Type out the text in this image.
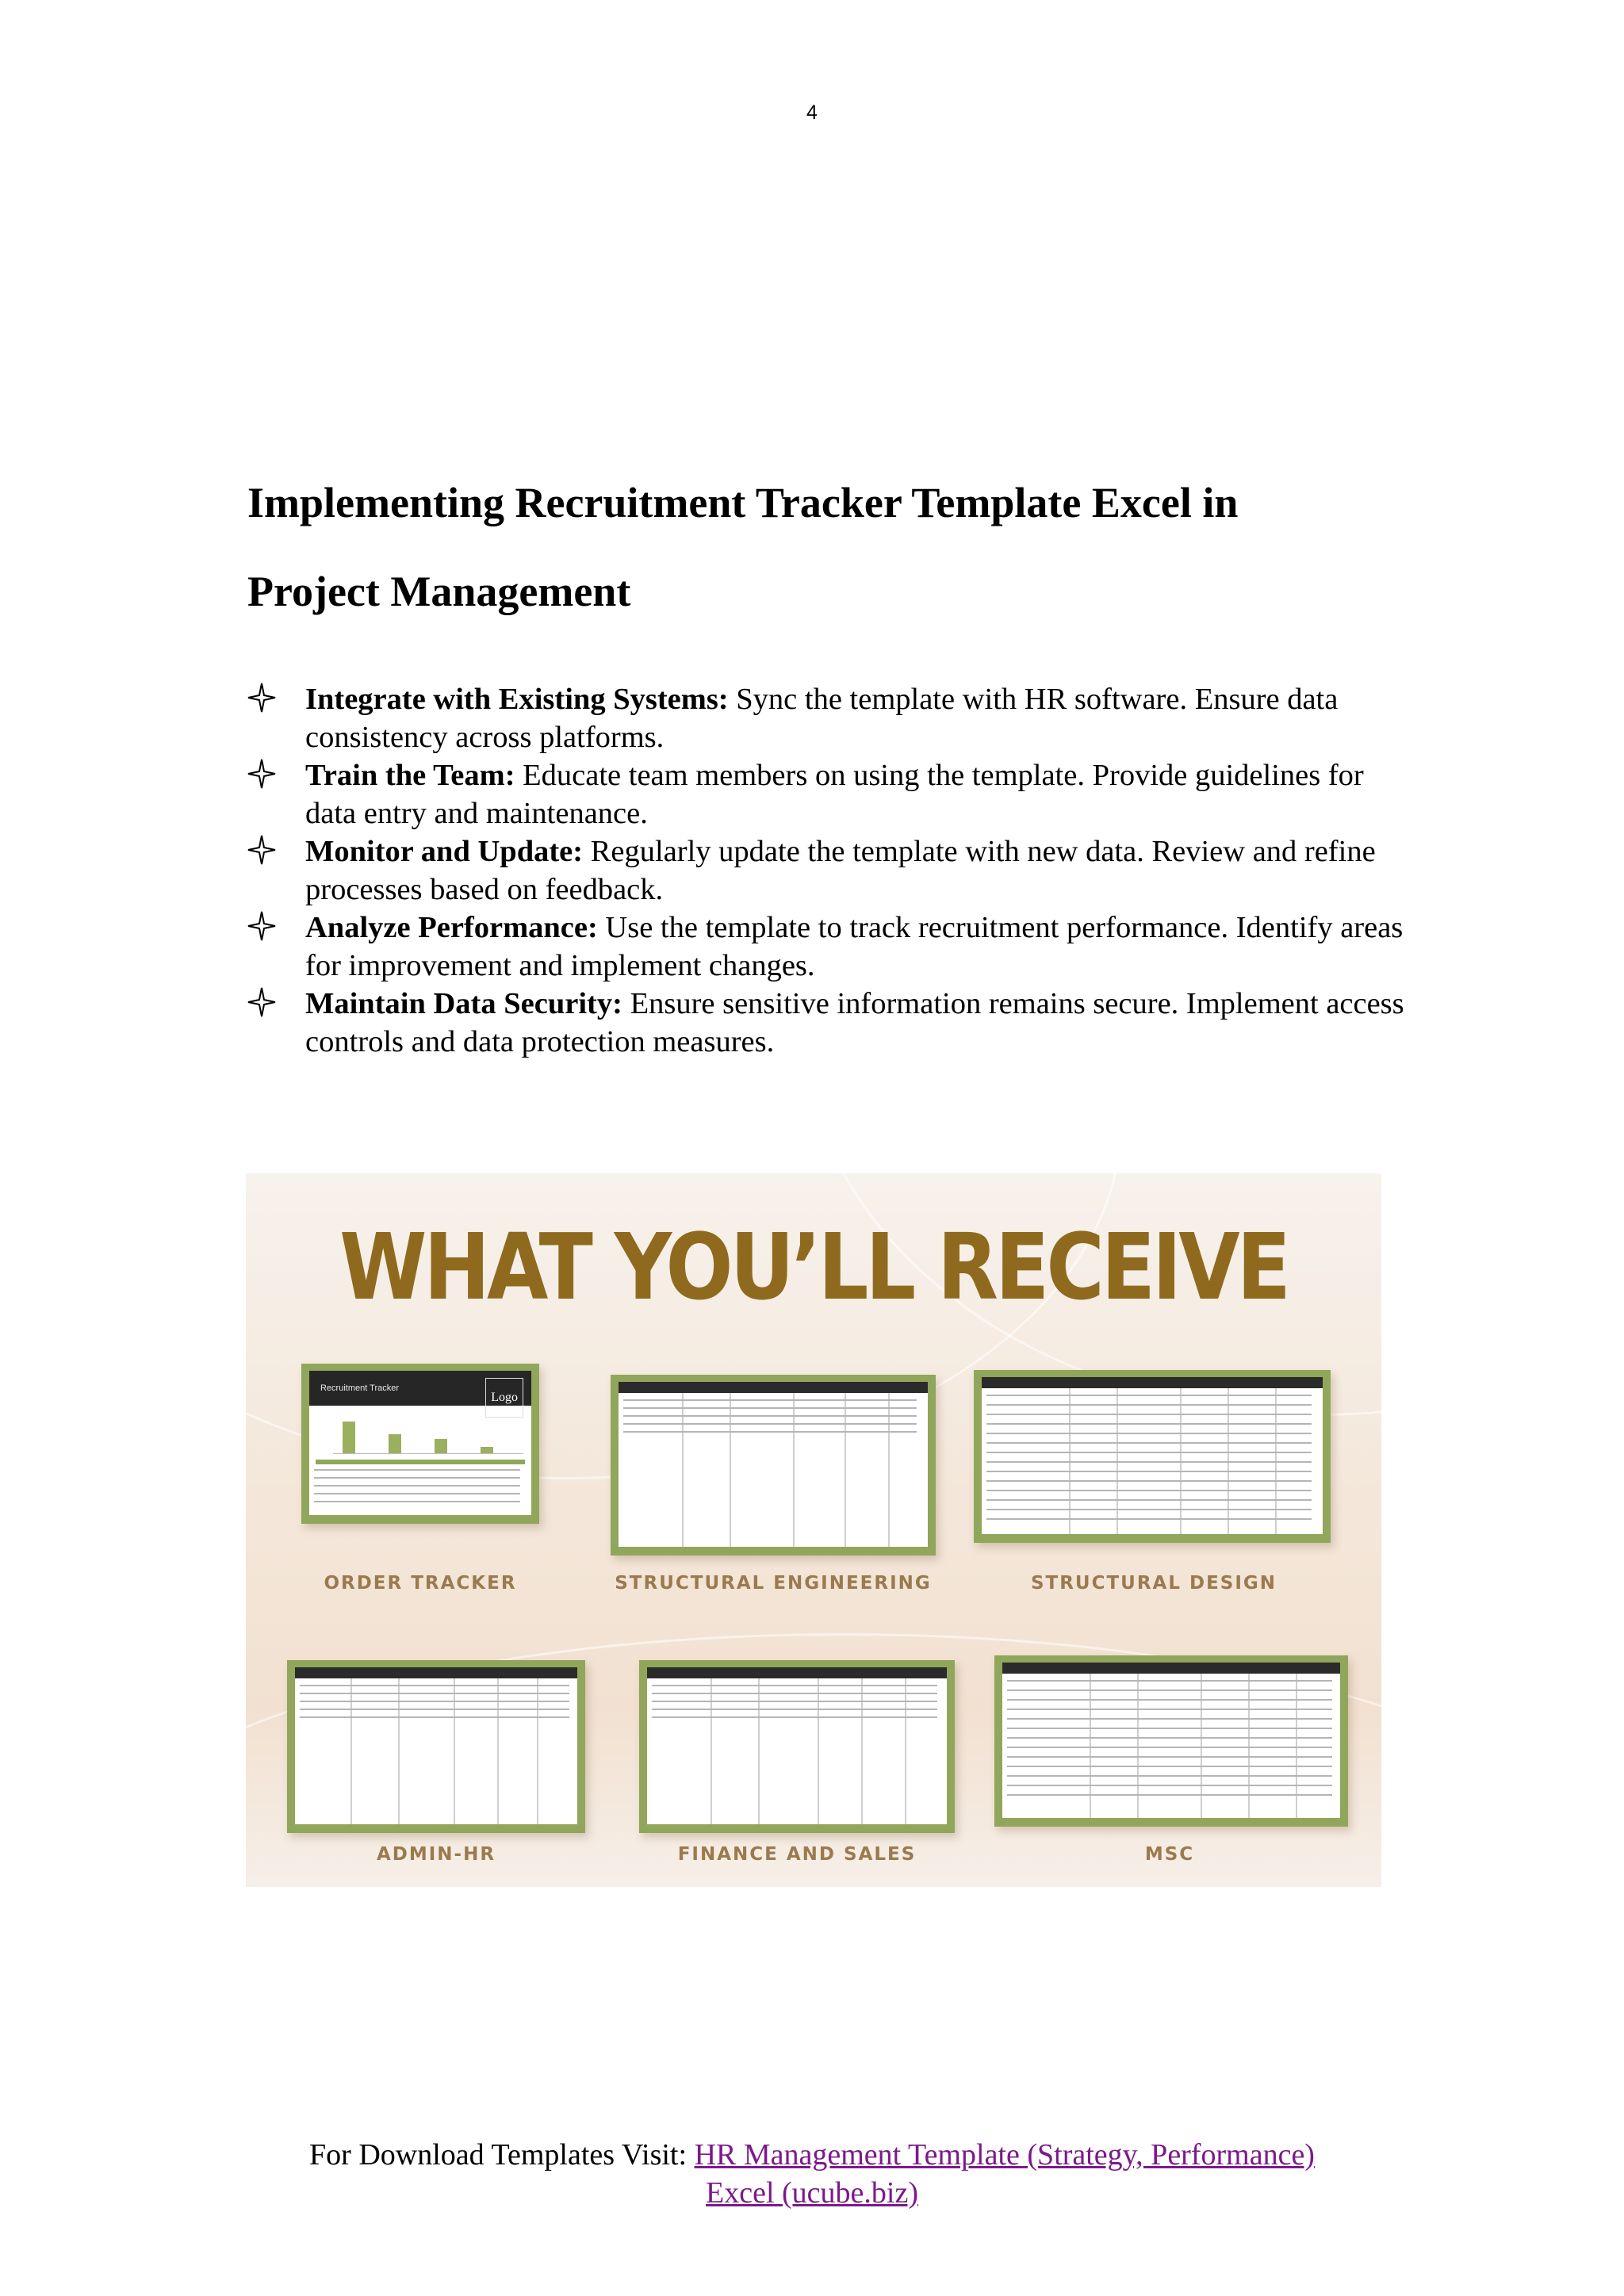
4
Implementing Recruitment Tracker Template Excel in
Project Management
Integrate with Existing Systems: Sync the template with HR software. Ensure data consistency across platforms.
Train the Team: Educate team members on using the template. Provide guidelines for data entry and maintenance.
Monitor and Update: Regularly update the template with new data. Review and refine processes based on feedback.
Analyze Performance: Use the template to track recruitment performance. Identify areas for improvement and implement changes.
Maintain Data Security: Ensure sensitive information remains secure. Implement access controls and data protection measures.
WHAT YOU’LL RECEIVE
Recruitment Tracker
Logo
ORDER TRACKER	STRUCTURAL ENGINEERING	STRUCTURAL DESIGN
ADMIN-HR	FINANCE AND SALES	MSC
For Download Templates Visit: HR Management Template (Strategy, Performance)
Excel (ucube.biz)
